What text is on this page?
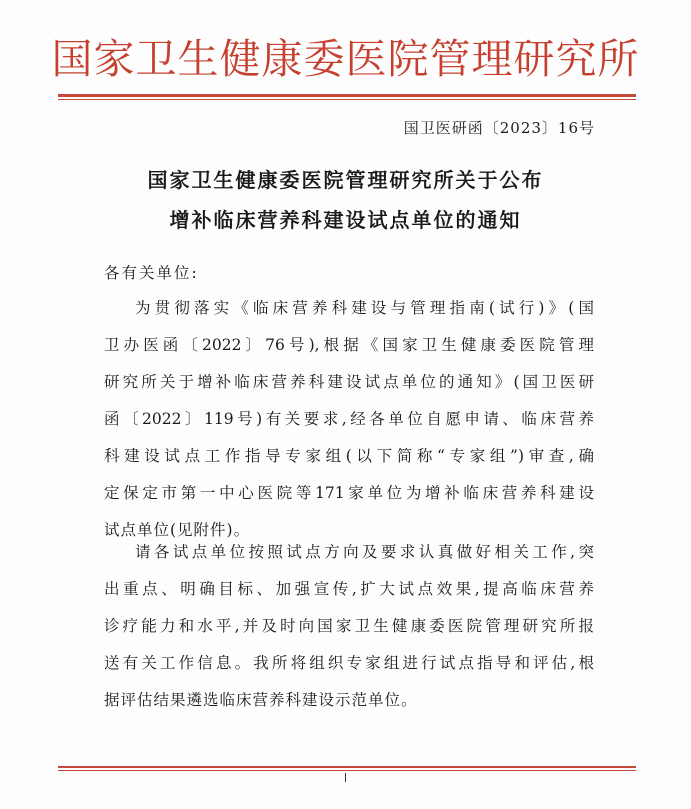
国家卫生健康委医院管理研究所
国卫医研函〔2023〕16号
国家卫生健康委医院管理研究所关于公布
增补临床营养科建设试点单位的通知
各有关单位:
为贯彻落实《临床营养科建设与管理指南(试行)》(国
卫办医函〔2022〕76号),根据《国家卫生健康委医院管理
研究所关于增补临床营养科建设试点单位的通知》(国卫医研
函〔2022〕119号)有关要求,经各单位自愿申请、临床营养
科建设试点工作指导专家组(以下简称“专家组”)审查,确
定保定市第一中心医院等171家单位为增补临床营养科建设
试点单位(见附件)。
请各试点单位按照试点方向及要求认真做好相关工作,突
出重点、明确目标、加强宣传,扩大试点效果,提高临床营养
诊疗能力和水平,并及时向国家卫生健康委医院管理研究所报
送有关工作信息。我所将组织专家组进行试点指导和评估,根
据评估结果遴选临床营养科建设示范单位。
